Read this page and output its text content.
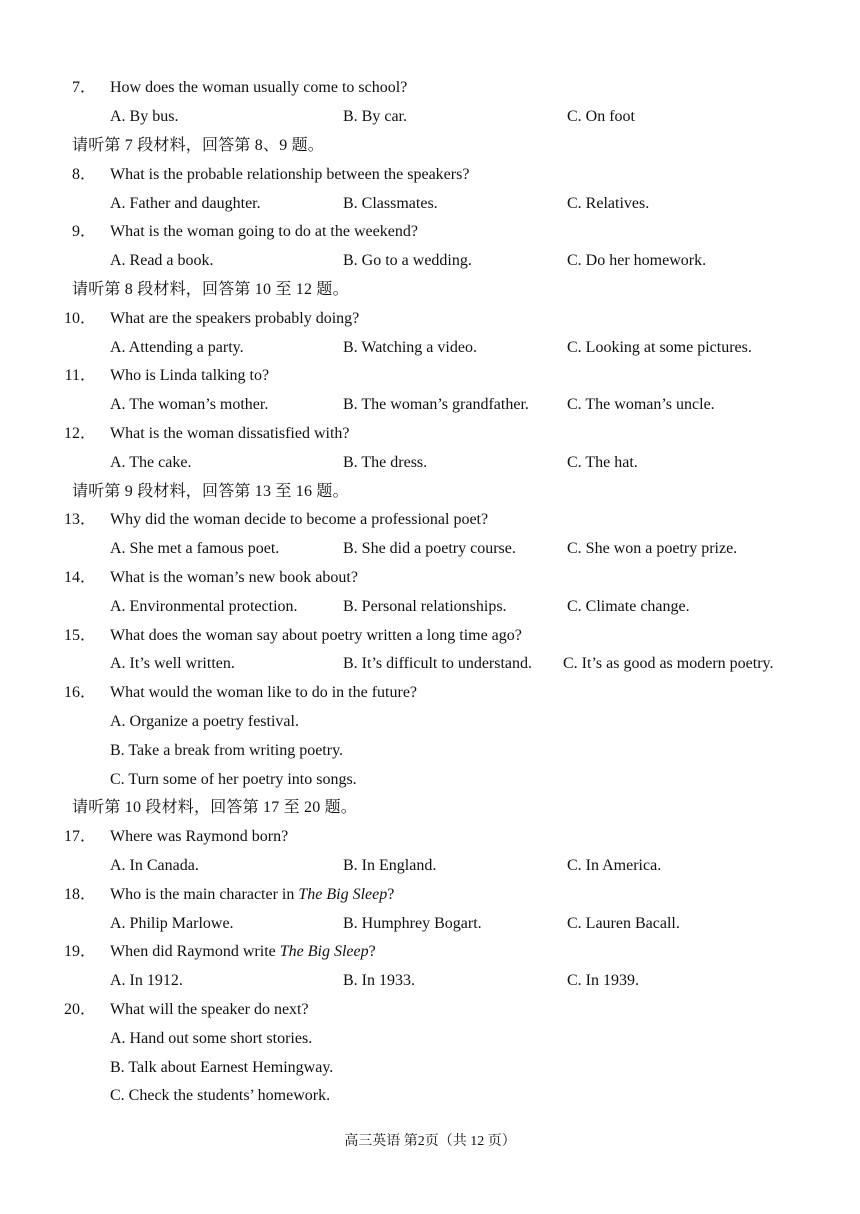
7． How does the woman usually come to school?
A. By bus.	B. By car.	C. On foot
请听第 7 段材料，回答第 8、9 题。
8． What is the probable relationship between the speakers?
A. Father and daughter.	B. Classmates.	C. Relatives.
9． What is the woman going to do at the weekend?
A. Read a book.	B. Go to a wedding.	C. Do her homework.
请听第 8 段材料，回答第 10 至 12 题。
10． What are the speakers probably doing?
A. Attending a party.	B. Watching a video.	C. Looking at some pictures.
11． Who is Linda talking to?
A. The woman’s mother.	B. The woman’s grandfather. C. The woman’s uncle.
12． What is the woman dissatisfied with?
A. The cake.	B. The dress.	C. The hat.
请听第 9 段材料，回答第 13 至 16 题。
13． Why did the woman decide to become a professional poet?
A. She met a famous poet.	B. She did a poetry course.	C. She won a poetry prize.
14． What is the woman’s new book about?
A. Environmental protection.	B. Personal relationships.	C. Climate change.
15． What does the woman say about poetry written a long time ago?
A. It’s well written.	B. It’s difficult to understand. C. It’s as good as modern poetry.
16． What would the woman like to do in the future?
A. Organize a poetry festival.
B. Take a break from writing poetry.
C. Turn some of her poetry into songs.
请听第 10 段材料，回答第 17 至 20 题。
17． Where was Raymond born?
A. In Canada.	B. In England.	C. In America.
18． Who is the main character in The Big Sleep?
A. Philip Marlowe.	B. Humphrey Bogart.	C. Lauren Bacall.
19． When did Raymond write The Big Sleep?
A. In 1912.	B. In 1933.	C. In 1939.
20． What will the speaker do next?
A. Hand out some short stories.
B. Talk about Earnest Hemingway.
C. Check the students’ homework.
高三英语 第2页（共 12 页）
